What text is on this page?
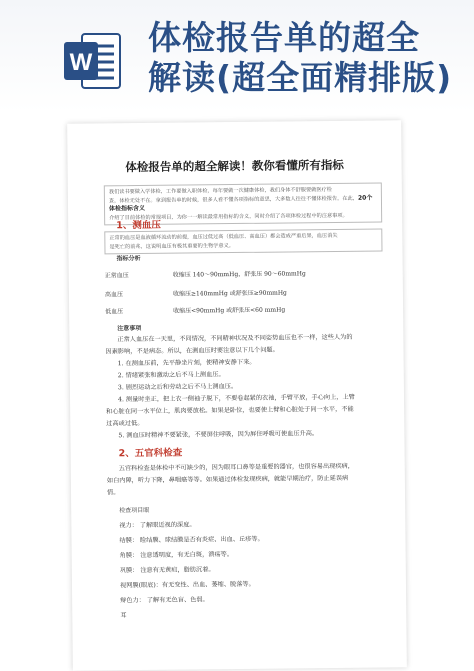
W
体检报告单的超全
解读(超全面精排版)
体检报告单的超全解读！教你看懂所有指标
我们读书要做入学体检，工作要做入职体检，每年要做一次健康体检，我们身体不舒服要做医疗检
查，体检无处不在。拿到报告单的时候，很多人看不懂各项指标的意思，大多数人往往不懂体检报告。在此，20个体检指标含义
介绍了目前体检的常规项目，为你一一解读最常用指标的含义，同时介绍了各项体检过程中的注意事项。
1、测血压
正常的血压是血液循环流动的前提，血压过低过高（低血压、高血压）都会造成严重后果，血压消失
是死亡的前兆，这说明血压有极其重要的生物学意义。
指标分析
正常血压	收缩压 140～90mmHg，舒张压 90～60mmHg
高血压	收缩压≥140mmHg 或舒张压≥90mmHg
低血压	收缩压<90mmHg 或舒张压<60 mmHg
注意事项
正常人血压在一天里，不同情况，不同精神状况及不同姿势血压也不一样，这些人为的
因素影响，不是病态。所以，在测血压时要注意以下几个问题。
1. 在测血压前，先平静坐片刻，使精神安静下来。
2. 情绪紧张和激动之后不马上测血压。
3. 剧烈运动之后和劳动之后不马上测血压。
4. 测量时坐正，把上衣一侧袖子脱下，不要卷起紧的衣袖，手臂平放，手心向上，上臂
和心脏在同一水平位上，肌肉要放松。如果是卧位，也要使上臂和心脏处于同一水平，不能
过高或过低。
5. 测血压时精神不要紧张，不要屏住呼吸，因为屏住呼吸可使血压升高。
2、五官科检查
五官科检查是体检中不可缺少的，因为眼耳口鼻等是重要的器官，也很容易出现疾病，
如白内障，听力下降，鼻咽癌等等。如果通过体检发现疾病，就能早期治疗，防止延误病
情。
检查项目眼
视力： 了解眼近视的深度。
结膜： 睑结膜、球结膜是否有炎症、出血、丘疹等。
角膜： 注意透明度，有无白斑，溃疡等。
巩膜： 注意有无黄疸，脂肪沉着。
视网膜(眼底)：有无变性、出血、萎缩、脱落等。
辩色力： 了解有无色盲、色弱。
耳
